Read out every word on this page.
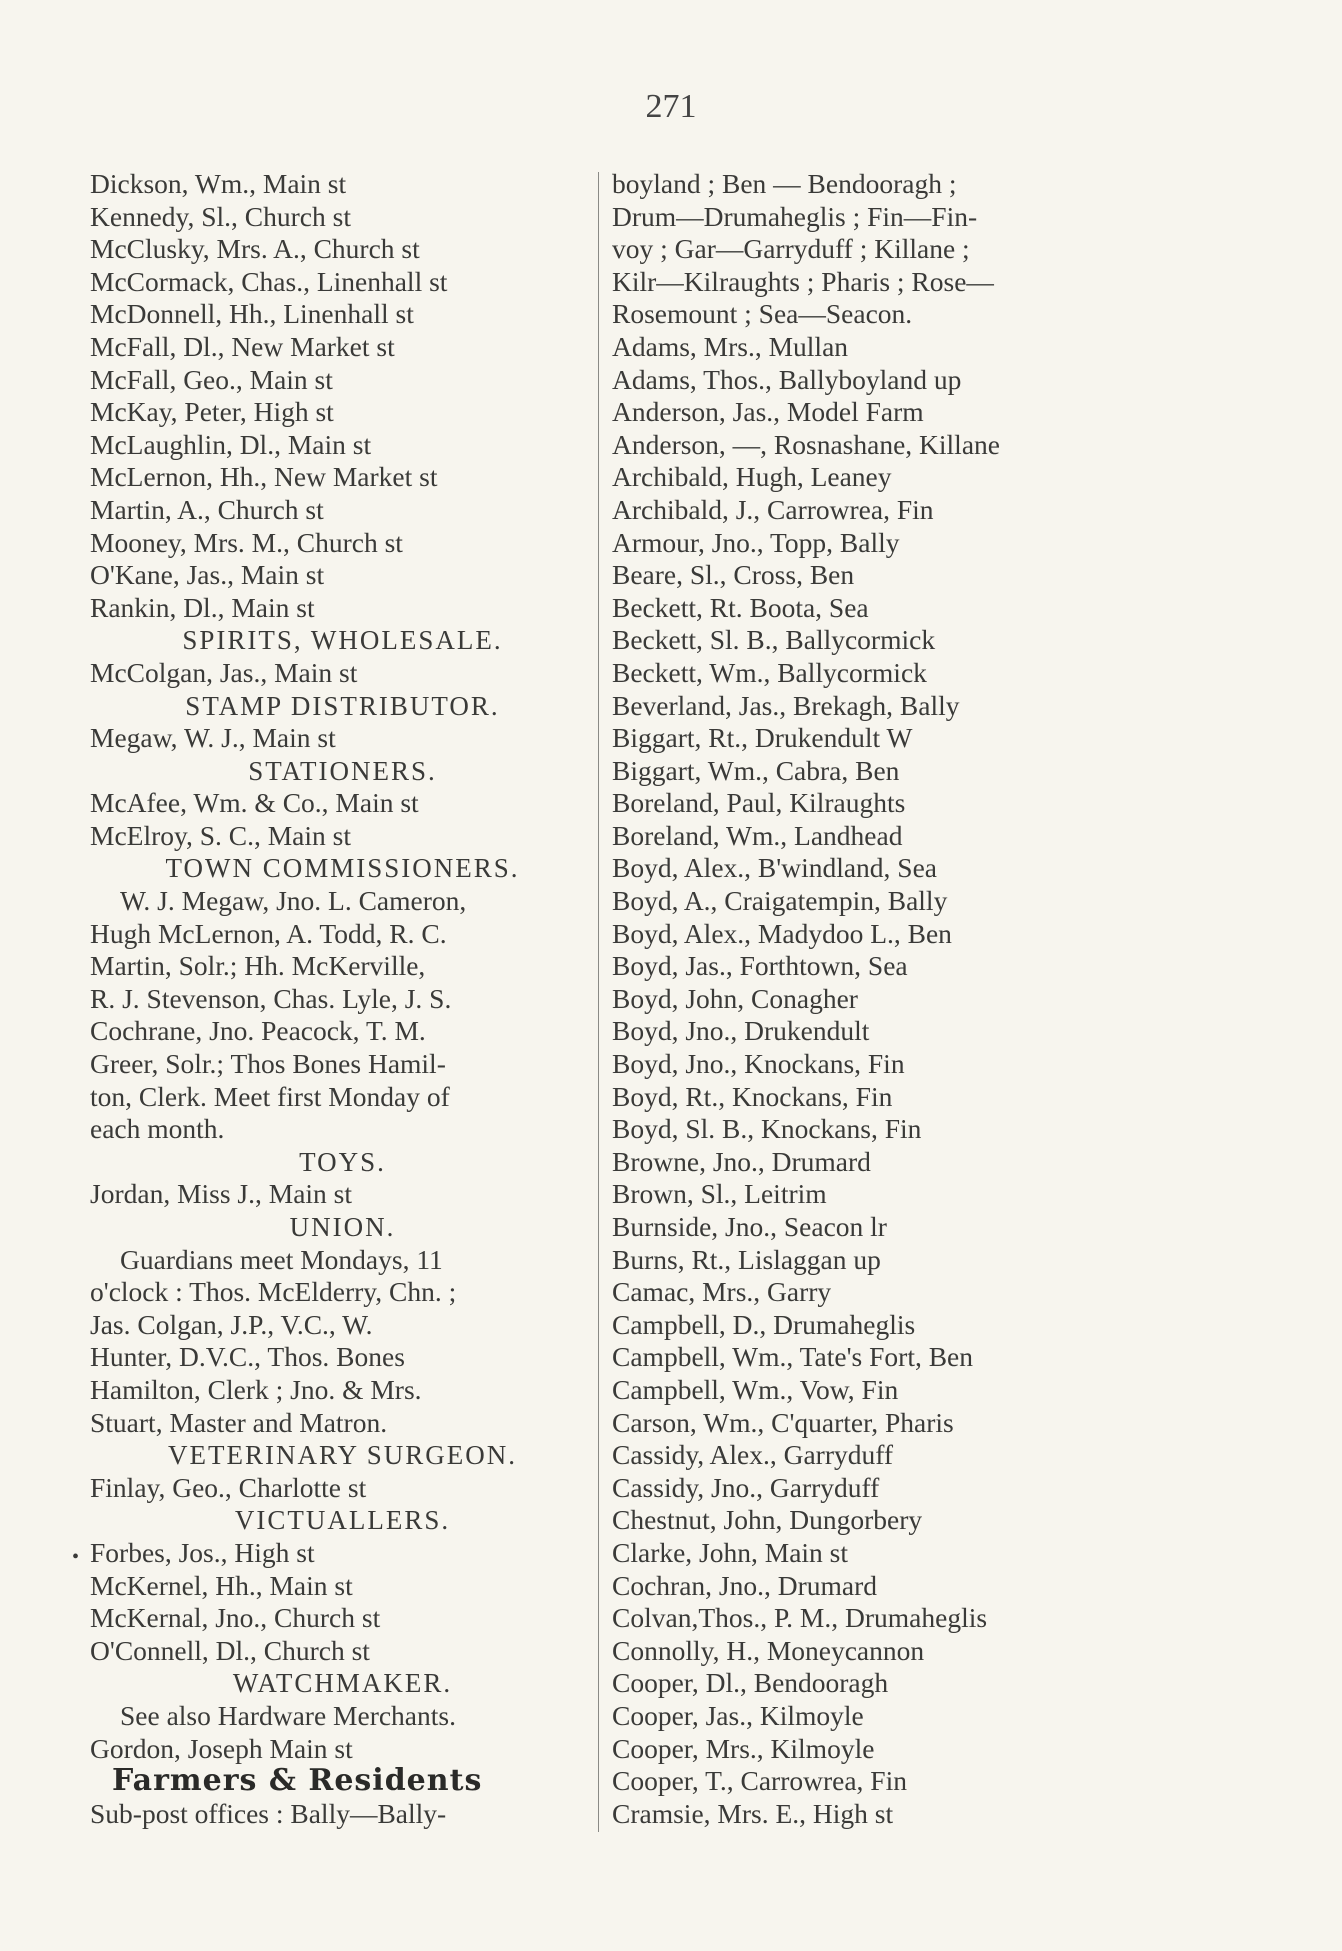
271
Dickson, Wm., Main st
Kennedy, Sl., Church st
McClusky, Mrs. A., Church st
McCormack, Chas., Linenhall st
McDonnell, Hh., Linenhall st
McFall, Dl., New Market st
McFall, Geo., Main st
McKay, Peter, High st
McLaughlin, Dl., Main st
McLernon, Hh., New Market st
Martin, A., Church st
Mooney, Mrs. M., Church st
O'Kane, Jas., Main st
Rankin, Dl., Main st
SPIRITS, WHOLESALE.
McColgan, Jas., Main st
STAMP DISTRIBUTOR.
Megaw, W. J., Main st
STATIONERS.
McAfee, Wm. & Co., Main st
McElroy, S. C., Main st
TOWN COMMISSIONERS.
W. J. Megaw, Jno. L. Cameron,
Hugh McLernon, A. Todd, R. C.
Martin, Solr.; Hh. McKerville,
R. J. Stevenson, Chas. Lyle, J. S.
Cochrane, Jno. Peacock, T. M.
Greer, Solr.; Thos Bones Hamil-
ton, Clerk. Meet first Monday of
each month.
TOYS.
Jordan, Miss J., Main st
UNION.
Guardians meet Mondays, 11
o'clock : Thos. McElderry, Chn. ;
Jas. Colgan, J.P., V.C., W.
Hunter, D.V.C., Thos. Bones
Hamilton, Clerk ; Jno. & Mrs.
Stuart, Master and Matron.
VETERINARY SURGEON.
Finlay, Geo., Charlotte st
VICTUALLERS.
Forbes, Jos., High st
McKernel, Hh., Main st
McKernal, Jno., Church st
O'Connell, Dl., Church st
•
WATCHMAKER.
See also Hardware Merchants.
Gordon, Joseph Main st
Farmers & Residents
Sub-post offices : Bally—Bally-
boyland ; Ben — Bendooragh ;
Drum—Drumaheglis ; Fin—Fin-
voy ; Gar—Garryduff ; Killane ;
Kilr—Kilraughts ; Pharis ; Rose—
Rosemount ; Sea—Seacon.
Adams, Mrs., Mullan
Adams, Thos., Ballyboyland up
Anderson, Jas., Model Farm
Anderson, —, Rosnashane, Killane
Archibald, Hugh, Leaney
Archibald, J., Carrowrea, Fin
Armour, Jno., Topp, Bally
Beare, Sl., Cross, Ben
Beckett, Rt. Boota, Sea
Beckett, Sl. B., Ballycormick
Beckett, Wm., Ballycormick
Beverland, Jas., Brekagh, Bally
Biggart, Rt., Drukendult W
Biggart, Wm., Cabra, Ben
Boreland, Paul, Kilraughts
Boreland, Wm., Landhead
Boyd, Alex., B'windland, Sea
Boyd, A., Craigatempin, Bally
Boyd, Alex., Madydoo L., Ben
Boyd, Jas., Forthtown, Sea
Boyd, John, Conagher
Boyd, Jno., Drukendult
Boyd, Jno., Knockans, Fin
Boyd, Rt., Knockans, Fin
Boyd, Sl. B., Knockans, Fin
Browne, Jno., Drumard
Brown, Sl., Leitrim
Burnside, Jno., Seacon lr
Burns, Rt., Lislaggan up
Camac, Mrs., Garry
Campbell, D., Drumaheglis
Campbell, Wm., Tate's Fort, Ben
Campbell, Wm., Vow, Fin
Carson, Wm., C'quarter, Pharis
Cassidy, Alex., Garryduff
Cassidy, Jno., Garryduff
Chestnut, John, Dungorbery
Clarke, John, Main st
Cochran, Jno., Drumard
Colvan,Thos., P. M., Drumaheglis
Connolly, H., Moneycannon
Cooper, Dl., Bendooragh
Cooper, Jas., Kilmoyle
Cooper, Mrs., Kilmoyle
Cooper, T., Carrowrea, Fin
Cramsie, Mrs. E., High st
